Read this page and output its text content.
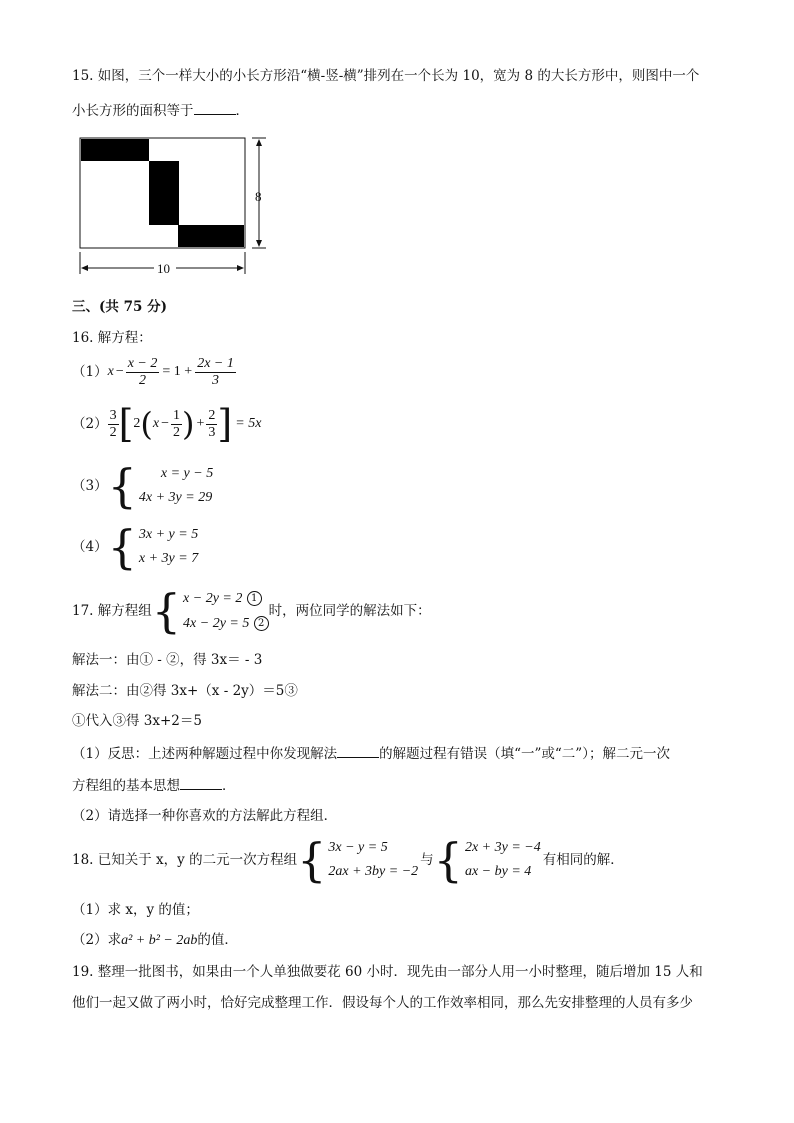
15. 如图，三个一样大小的小长方形沿“横-竖-横”排列在一个长为 10，宽为 8 的大长方形中，则图中一个
小长方形的面积等于	．
8
10
三、(共 75 分)
16. 解方程：
（1） $x - \frac{x - 2}{2} = 1 + \frac{2x - 1}{3}$
$(2) \frac{3}{2}$ [ 2 ( $x - \frac{1}{2}$ ) + $\frac{2}{3}$ ] = 5x
（3） {	x = y − 5
4x + 3y = 29
（4） { 3x + y = 5
x + 3y = 7
17. 解方程组 { x − 2y = 2 1
4x − 2y = 5 2
时，两位同学的解法如下：
解法一：由① - ②，得 3x＝ - 3
解法二：由②得 3x+（x - 2y）＝5③
①代入③得 3x+2＝5
（1）反思：上述两种解题过程中你发现解法	的解题过程有错误（填“一”或“二”）；解二元一次
方程组的基本思想	．
（2）请选择一种你喜欢的方法解此方程组．
18. 已知关于 x，y 的二元一次方程组 { 3x − y = 5
2ax + 3by = −2
与 { 2x + 3y = −4
ax − by = 4
有相同的解．
（1）求 x，y 的值；
（2）求a² + b² − 2ab的值．
19. 整理一批图书，如果由一个人单独做要花 60 小时．现先由一部分人用一小时整理，随后增加 15 人和
他们一起又做了两小时，恰好完成整理工作．假设每个人的工作效率相同，那么先安排整理的人员有多少
